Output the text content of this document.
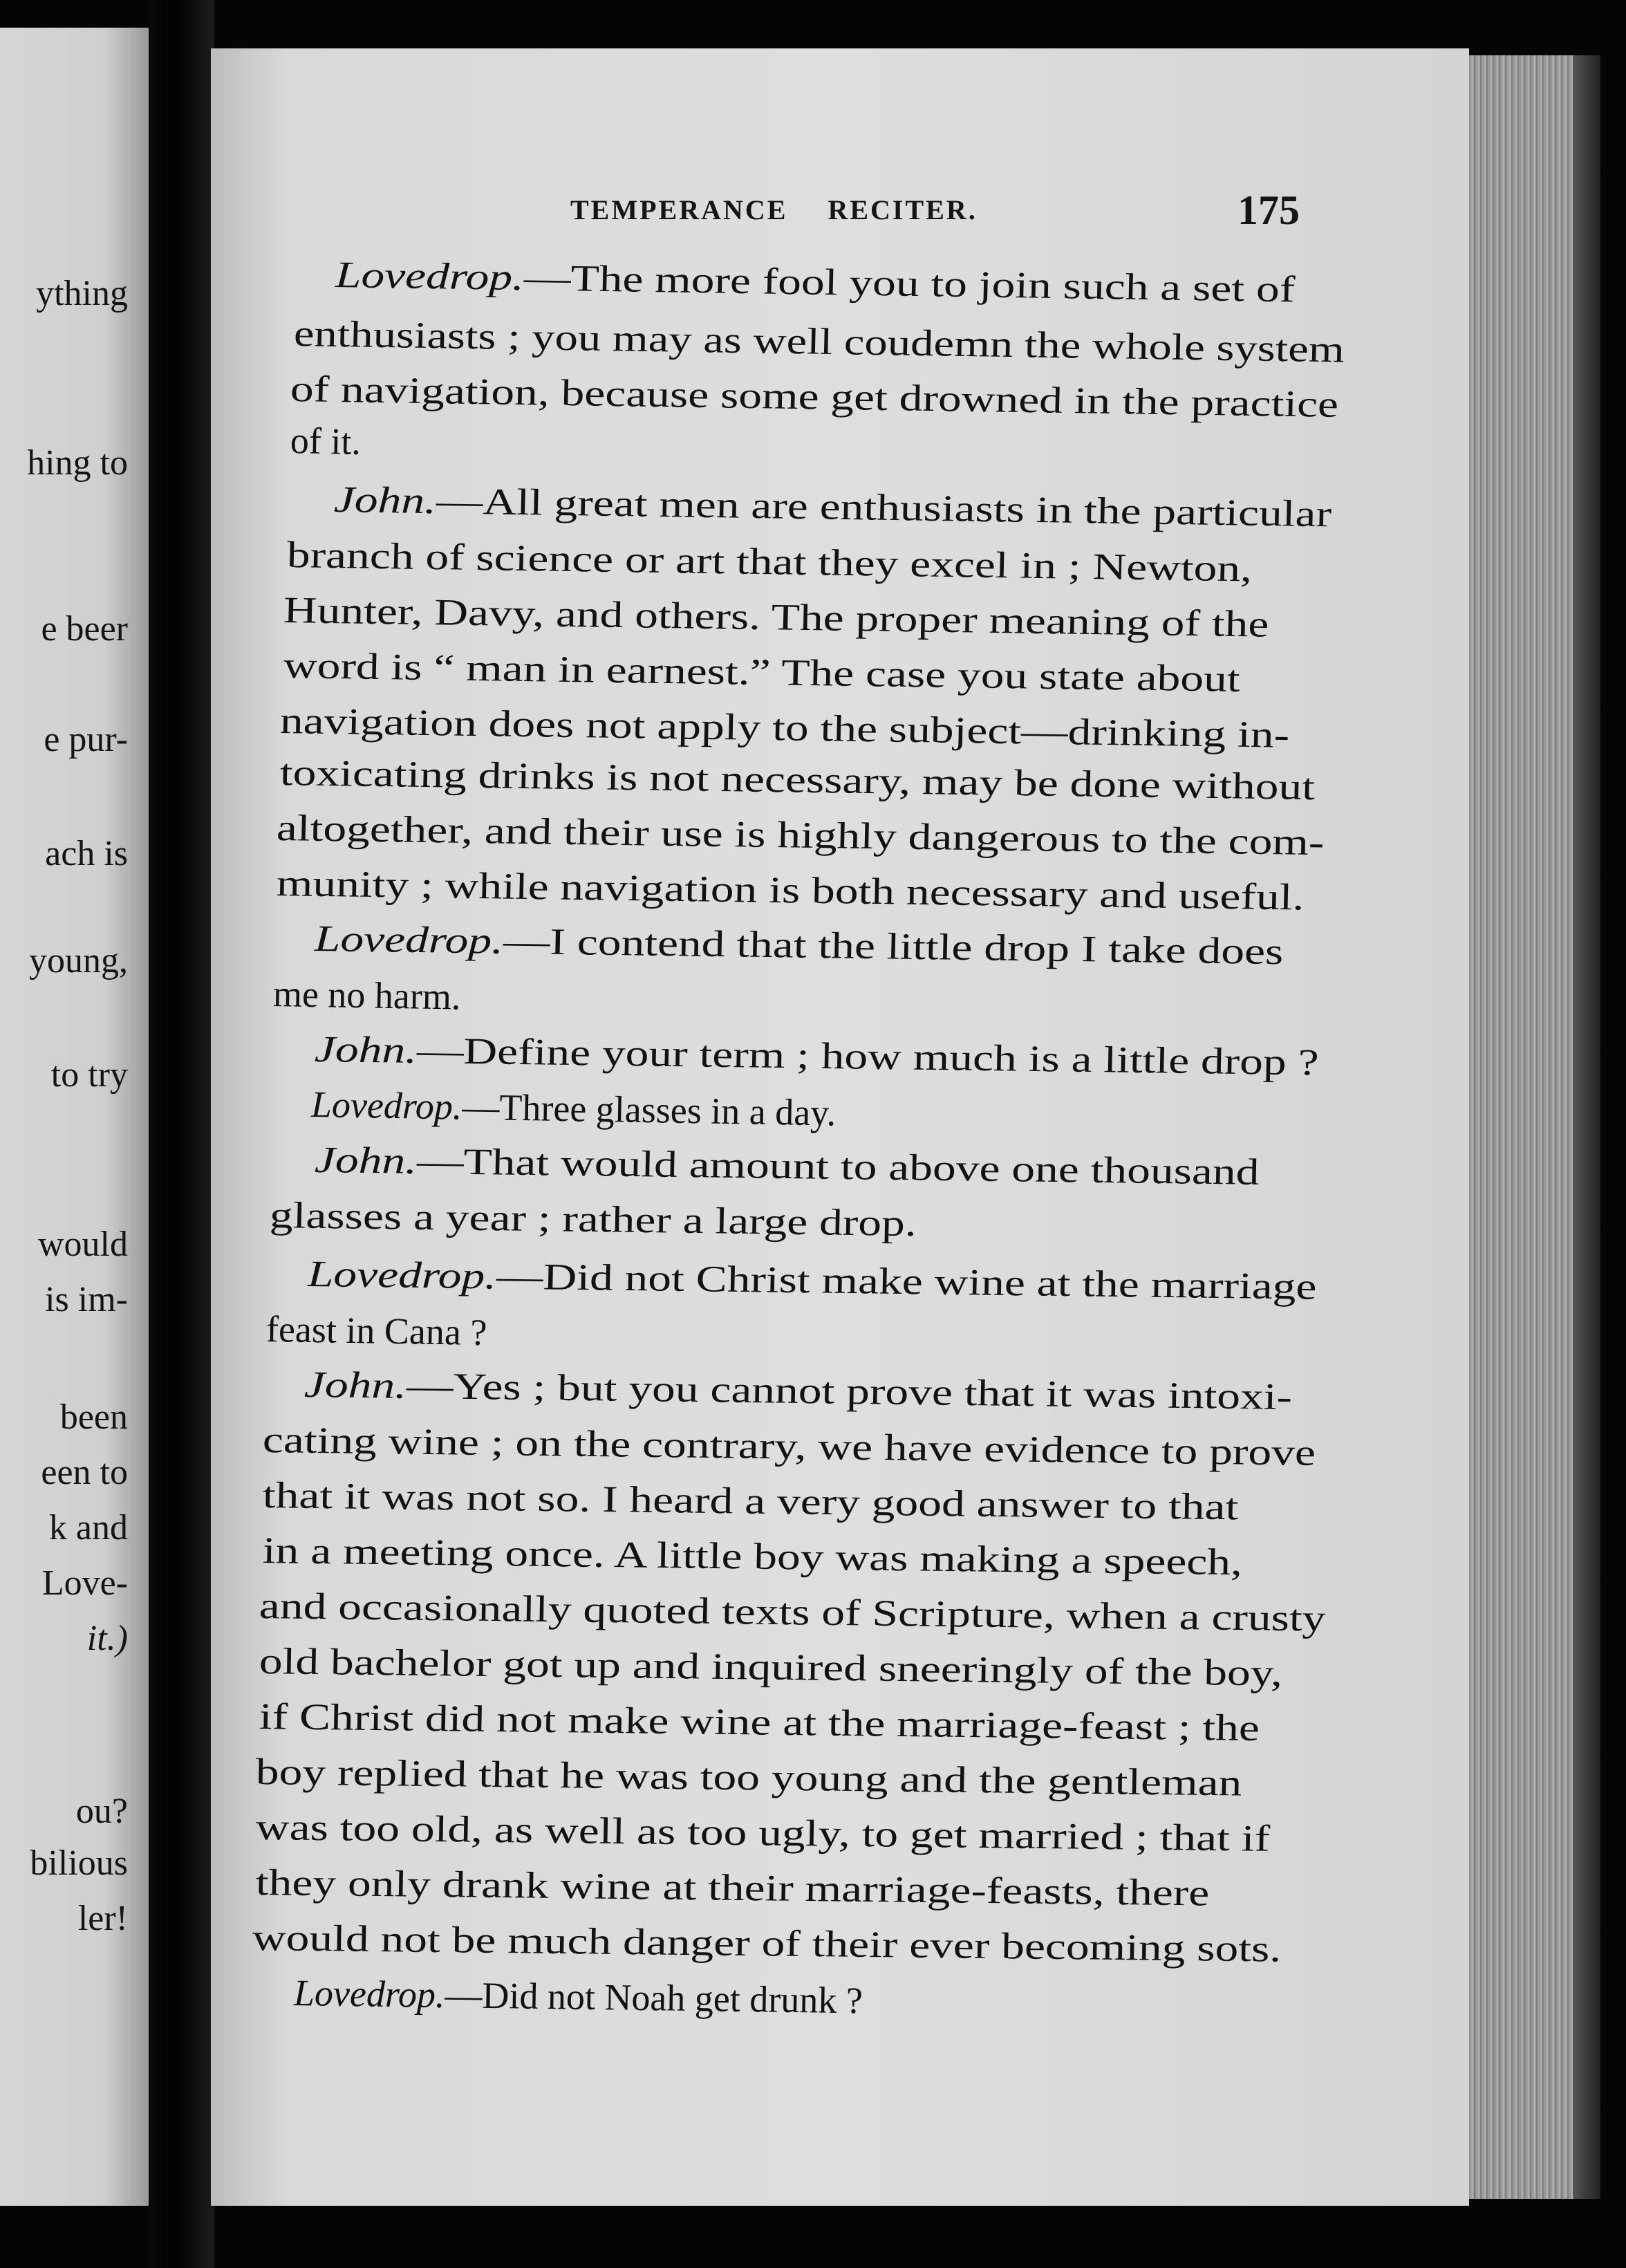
ything
hing to
e beer
e pur-
ach is
young,
to try
would
is im-
been
een to
k and
Love-
it.)
ou?
bilious
ler!
TEMPERANCE RECITER.	175
Lovedrop.—The more fool you to join such a set of
enthusiasts ; you may as well coudemn the whole system
of navigation, because some get drowned in the practice
of it.
John.—All great men are enthusiasts in the particular
branch of science or art that they excel in ; Newton,
Hunter, Davy, and others. The proper meaning of the
word is “ man in earnest.” The case you state about
navigation does not apply to the subject—drinking in-
toxicating drinks is not necessary, may be done without
altogether, and their use is highly dangerous to the com-
munity ; while navigation is both necessary and useful.
Lovedrop.—I contend that the little drop I take does
me no harm.
John.—Define your term ; how much is a little drop ?
Lovedrop.—Three glasses in a day.
John.—That would amount to above one thousand
glasses a year ; rather a large drop.
Lovedrop.—Did not Christ make wine at the marriage
feast in Cana ?
John.—Yes ; but you cannot prove that it was intoxi-
cating wine ; on the contrary, we have evidence to prove
that it was not so. I heard a very good answer to that
in a meeting once. A little boy was making a speech,
and occasionally quoted texts of Scripture, when a crusty
old bachelor got up and inquired sneeringly of the boy,
if Christ did not make wine at the marriage-feast ; the
boy replied that he was too young and the gentleman
was too old, as well as too ugly, to get married ; that if
they only drank wine at their marriage-feasts, there
would not be much danger of their ever becoming sots.
Lovedrop.—Did not Noah get drunk ?
